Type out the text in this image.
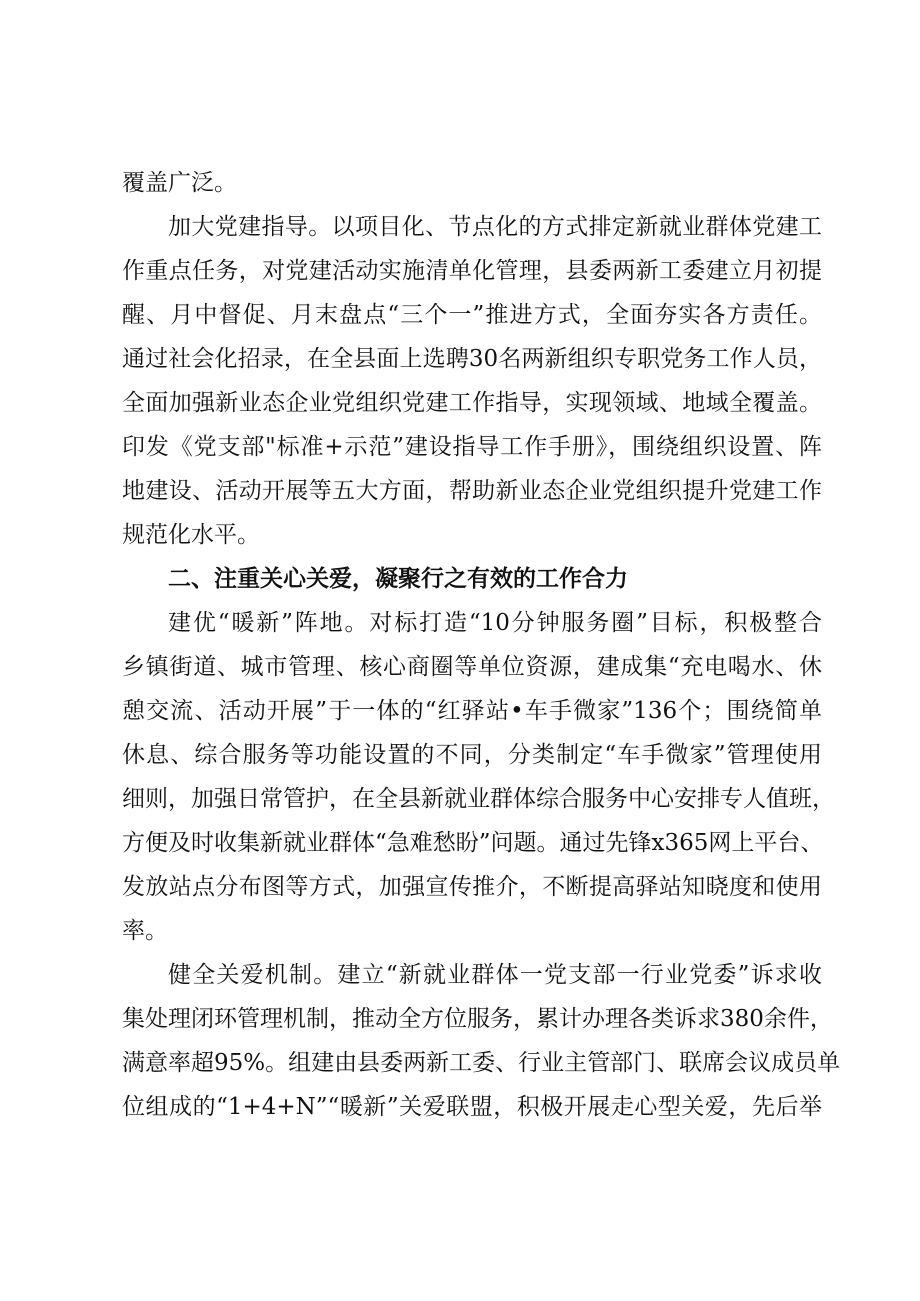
覆盖广泛。
加大党建指导。以项目化、节点化的方式排定新就业群体党建工
作重点任务，对党建活动实施清单化管理，县委两新工委建立月初提
醒、月中督促、月末盘点“三个一”推进方式，全面夯实各方责任。
通过社会化招录，在全县面上选聘30名两新组织专职党务工作人员，
全面加强新业态企业党组织党建工作指导，实现领域、地域全覆盖。
印发《党支部"标准+示范”建设指导工作手册》，围绕组织设置、阵
地建设、活动开展等五大方面，帮助新业态企业党组织提升党建工作
规范化水平。
二、注重关心关爱，凝聚行之有效的工作合力
建优“暖新”阵地。对标打造“10分钟服务圈”目标，积极整合
乡镇街道、城市管理、核心商圈等单位资源，建成集“充电喝水、休
憩交流、活动开展”于一体的“红驿站•车手微家”136个；围绕简单
休息、综合服务等功能设置的不同，分类制定“车手微家”管理使用
细则，加强日常管护，在全县新就业群体综合服务中心安排专人值班，
方便及时收集新就业群体“急难愁盼”问题。通过先锋x365网上平台、
发放站点分布图等方式，加强宣传推介，不断提高驿站知晓度和使用
率。
健全关爱机制。建立“新就业群体一党支部一行业党委”诉求收
集处理闭环管理机制，推动全方位服务，累计办理各类诉求380余件，
满意率超95%。组建由县委两新工委、行业主管部门、联席会议成员单
位组成的“1+4+N”“暖新”关爱联盟，积极开展走心型关爱，先后举
